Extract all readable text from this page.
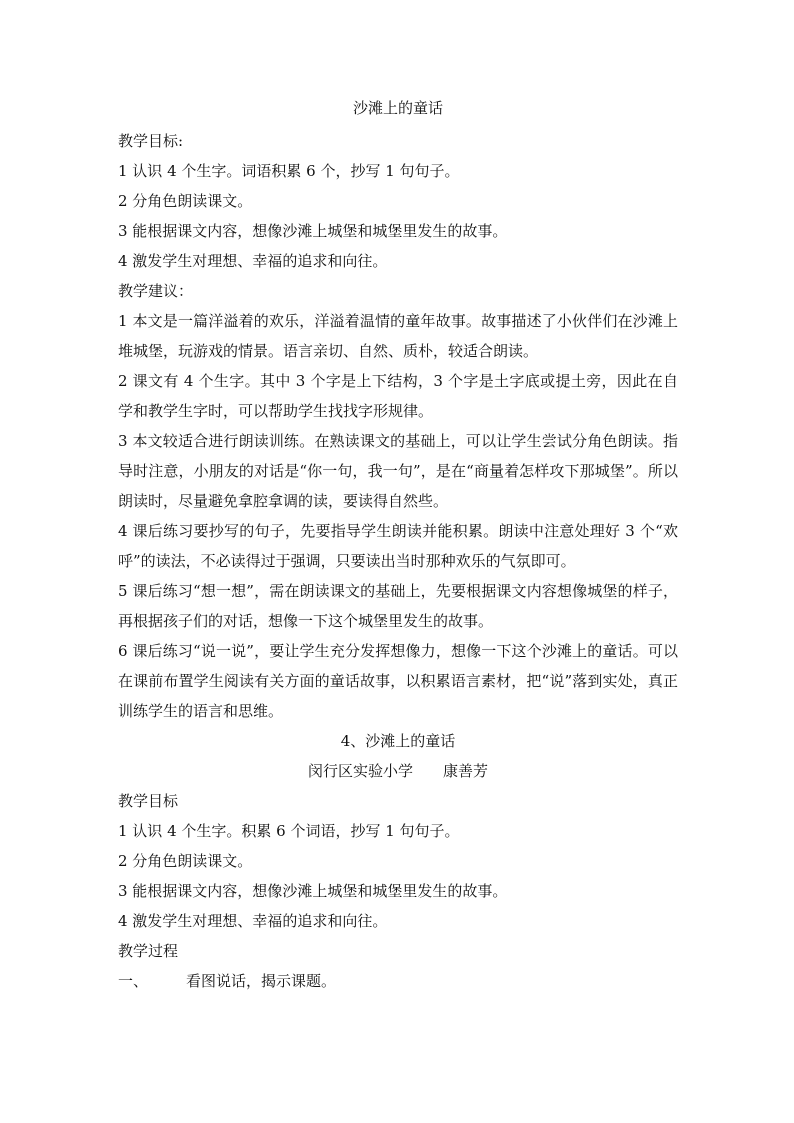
沙滩上的童话

教学目标:

1 认识 4 个生字。词语积累 6 个，抄写 1 句句子。

2 分角色朗读课文。

3 能根据课文内容，想像沙滩上城堡和城堡里发生的故事。

4 激发学生对理想、幸福的追求和向往。

教学建议：

1 本文是一篇洋溢着的欢乐，洋溢着温情的童年故事。故事描述了小伙伴们在沙滩上堆城堡，玩游戏的情景。语言亲切、自然、质朴，较适合朗读。

2 课文有 4 个生字。其中 3 个字是上下结构，3 个字是土字底或提土旁，因此在自学和教学生字时，可以帮助学生找找字形规律。

3 本文较适合进行朗读训练。在熟读课文的基础上，可以让学生尝试分角色朗读。指导时注意，小朋友的对话是“你一句，我一句”，是在“商量着怎样攻下那城堡”。所以朗读时，尽量避免拿腔拿调的读，要读得自然些。

4 课后练习要抄写的句子，先要指导学生朗读并能积累。朗读中注意处理好 3 个“欢呼”的读法，不必读得过于强调，只要读出当时那种欢乐的气氛即可。

5 课后练习“想一想”，需在朗读课文的基础上，先要根据课文内容想像城堡的样子，再根据孩子们的对话，想像一下这个城堡里发生的故事。

6 课后练习“说一说”，要让学生充分发挥想像力，想像一下这个沙滩上的童话。可以在课前布置学生阅读有关方面的童话故事，以积累语言素材，把“说”落到实处，真正训练学生的语言和思维。

4、沙滩上的童话

闵行区实验小学 康善芳

教学目标

1 认识 4 个生字。积累 6 个词语，抄写 1 句句子。

2 分角色朗读课文。

3 能根据课文内容，想像沙滩上城堡和城堡里发生的故事。

4 激发学生对理想、幸福的追求和向往。

教学过程

一、	看图说话，揭示课题。
